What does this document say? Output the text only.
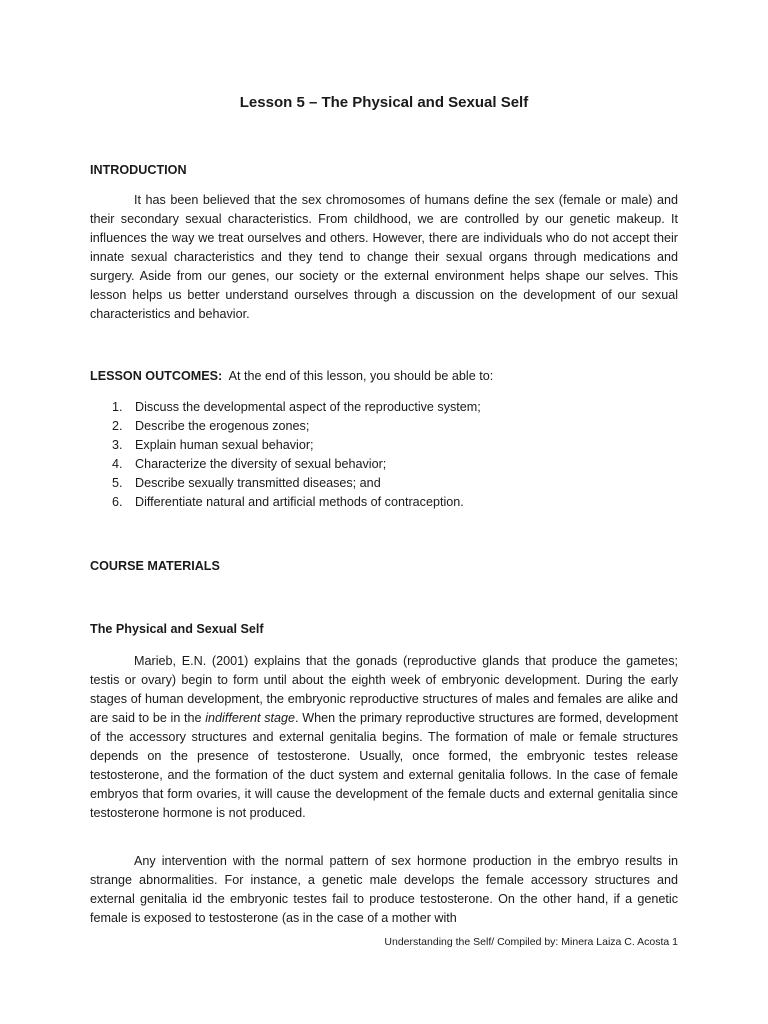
Lesson 5 – The Physical and Sexual Self
INTRODUCTION

It has been believed that the sex chromosomes of humans define the sex (female or male) and their secondary sexual characteristics. From childhood, we are controlled by our genetic makeup. It influences the way we treat ourselves and others. However, there are individuals who do not accept their innate sexual characteristics and they tend to change their sexual organs through medications and surgery. Aside from our genes, our society or the external environment helps shape our selves. This lesson helps us better understand ourselves through a discussion on the development of our sexual characteristics and behavior.

LESSON OUTCOMES: At the end of this lesson, you should be able to:

1. Discuss the developmental aspect of the reproductive system;
2. Describe the erogenous zones;
3. Explain human sexual behavior;
4. Characterize the diversity of sexual behavior;
5. Describe sexually transmitted diseases; and
6. Differentiate natural and artificial methods of contraception.
COURSE MATERIALS
The Physical and Sexual Self

Marieb, E.N. (2001) explains that the gonads (reproductive glands that produce the gametes; testis or ovary) begin to form until about the eighth week of embryonic development. During the early stages of human development, the embryonic reproductive structures of males and females are alike and are said to be in the indifferent stage. When the primary reproductive structures are formed, development of the accessory structures and external genitalia begins. The formation of male or female structures depends on the presence of testosterone. Usually, once formed, the embryonic testes release testosterone, and the formation of the duct system and external genitalia follows. In the case of female embryos that form ovaries, it will cause the development of the female ducts and external genitalia since testosterone hormone is not produced.

Any intervention with the normal pattern of sex hormone production in the embryo results in strange abnormalities. For instance, a genetic male develops the female accessory structures and external genitalia id the embryonic testes fail to produce testosterone. On the other hand, if a genetic female is exposed to testosterone (as in the case of a mother with

Understanding the Self/ Compiled by: Minera Laiza C. Acosta 1
